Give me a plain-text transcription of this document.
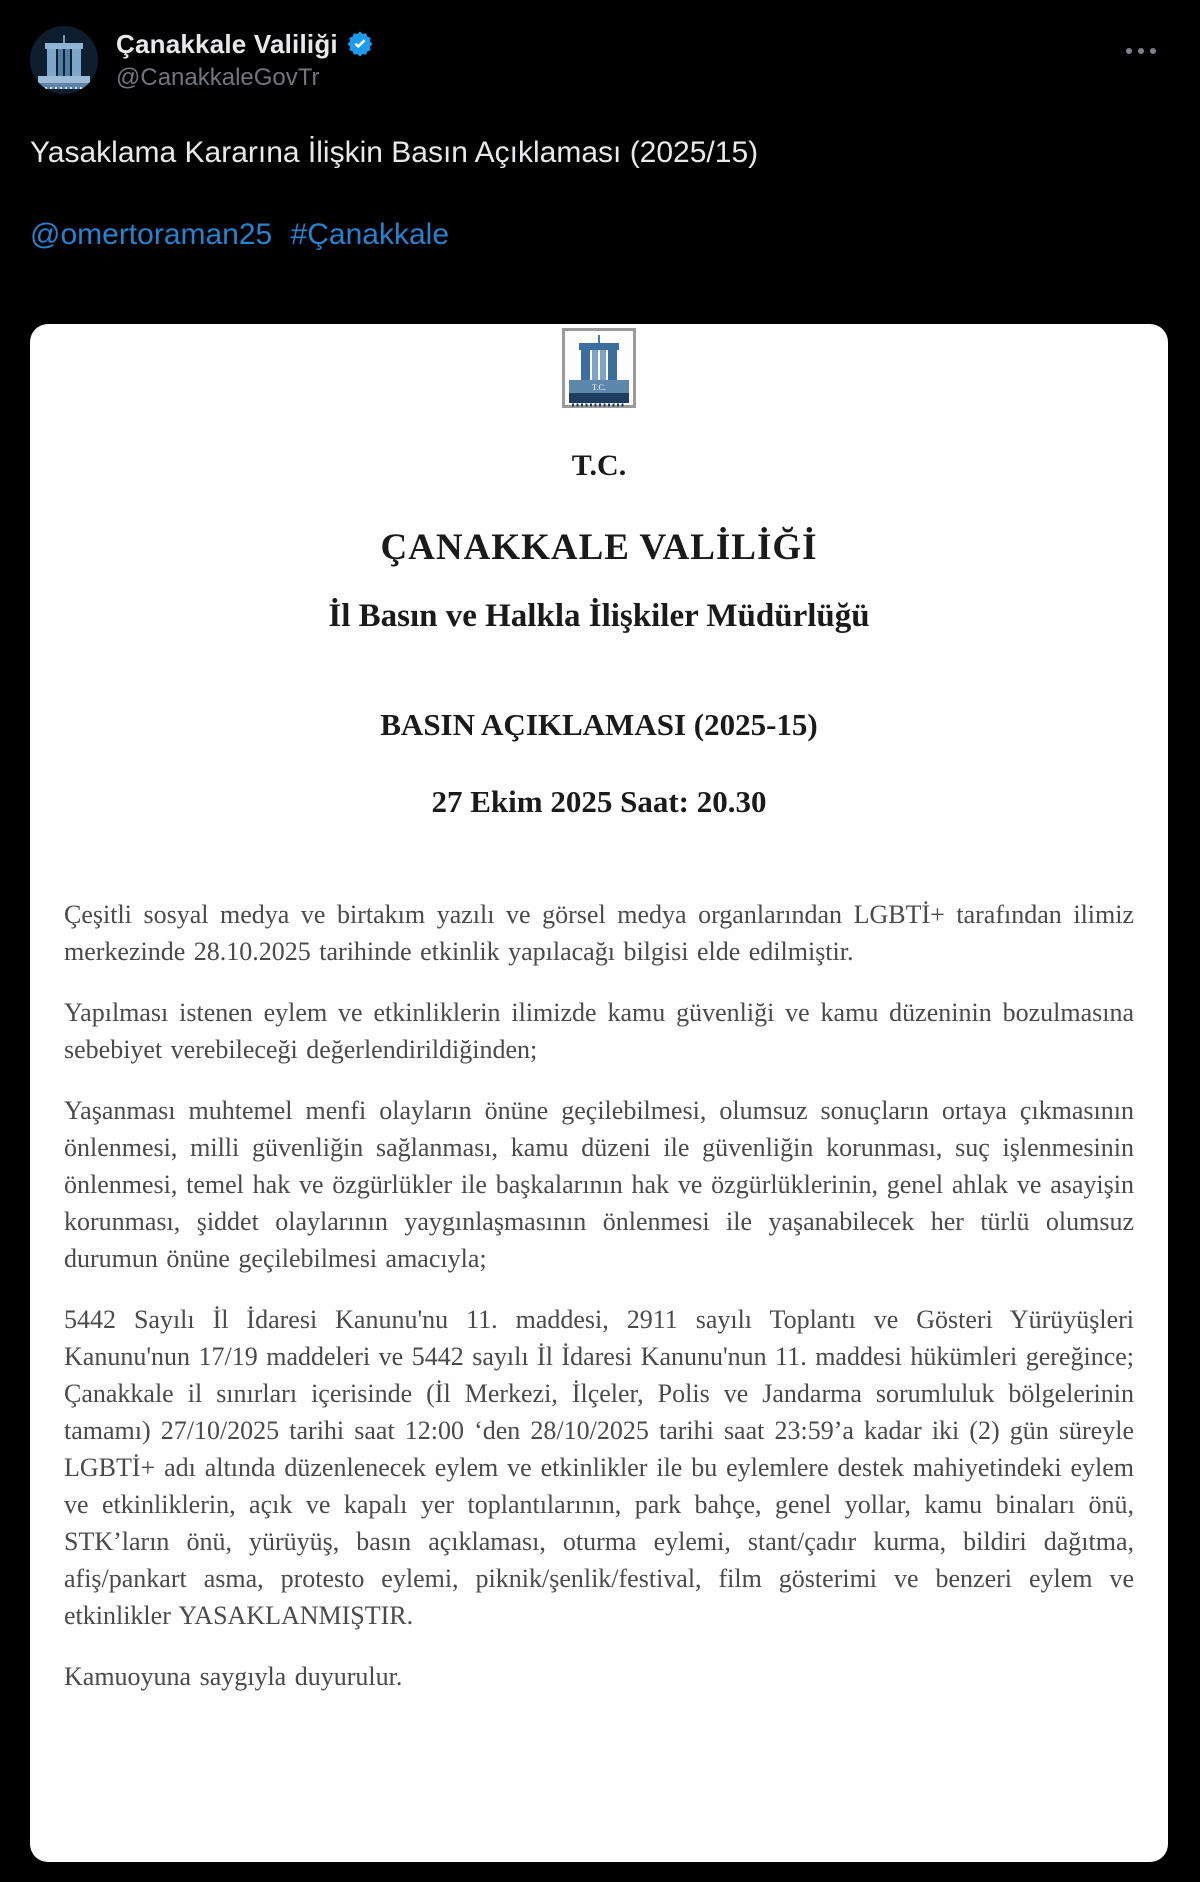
Çanakkale Valiliği
@CanakkaleGovTr
Yasaklama Kararına İlişkin Basın Açıklaması (2025/15)
@omertoraman25 #Çanakkale
T.C.
T.C.
ÇANAKKALE VALİLİĞİ
İl Basın ve Halkla İlişkiler Müdürlüğü
BASIN AÇIKLAMASI (2025-15)
27 Ekim 2025 Saat: 20.30

Çeşitli sosyal medya ve birtakım yazılı ve görsel medya organlarından LGBTİ+ tarafından ilimiz merkezinde 28.10.2025 tarihinde etkinlik yapılacağı bilgisi elde edilmiştir.

Yapılması istenen eylem ve etkinliklerin ilimizde kamu güvenliği ve kamu düzeninin bozulmasına sebebiyet verebileceği değerlendirildiğinden;

Yaşanması muhtemel menfi olayların önüne geçilebilmesi, olumsuz sonuçların ortaya çıkmasının önlenmesi, milli güvenliğin sağlanması, kamu düzeni ile güvenliğin korunması, suç işlenmesinin önlenmesi, temel hak ve özgürlükler ile başkalarının hak ve özgürlüklerinin, genel ahlak ve asayişin korunması, şiddet olaylarının yaygınlaşmasının önlenmesi ile yaşanabilecek her türlü olumsuz durumun önüne geçilebilmesi amacıyla;

5442 Sayılı İl İdaresi Kanunu'nu 11. maddesi, 2911 sayılı Toplantı ve Gösteri Yürüyüşleri Kanunu'nun 17/19 maddeleri ve 5442 sayılı İl İdaresi Kanunu'nun 11. maddesi hükümleri gereğince; Çanakkale il sınırları içerisinde (İl Merkezi, İlçeler, Polis ve Jandarma sorumluluk bölgelerinin tamamı) 27/10/2025 tarihi saat 12:00 ‘den 28/10/2025 tarihi saat 23:59’a kadar iki (2) gün süreyle LGBTİ+ adı altında düzenlenecek eylem ve etkinlikler ile bu eylemlere destek mahiyetindeki eylem ve etkinliklerin, açık ve kapalı yer toplantılarının, park bahçe, genel yollar, kamu binaları önü, STK’ların önü, yürüyüş, basın açıklaması, oturma eylemi, stant/çadır kurma, bildiri dağıtma, afiş/pankart asma, protesto eylemi, piknik/şenlik/festival, film gösterimi ve benzeri eylem ve etkinlikler YASAKLANMIŞTIR.

Kamuoyuna saygıyla duyurulur.
